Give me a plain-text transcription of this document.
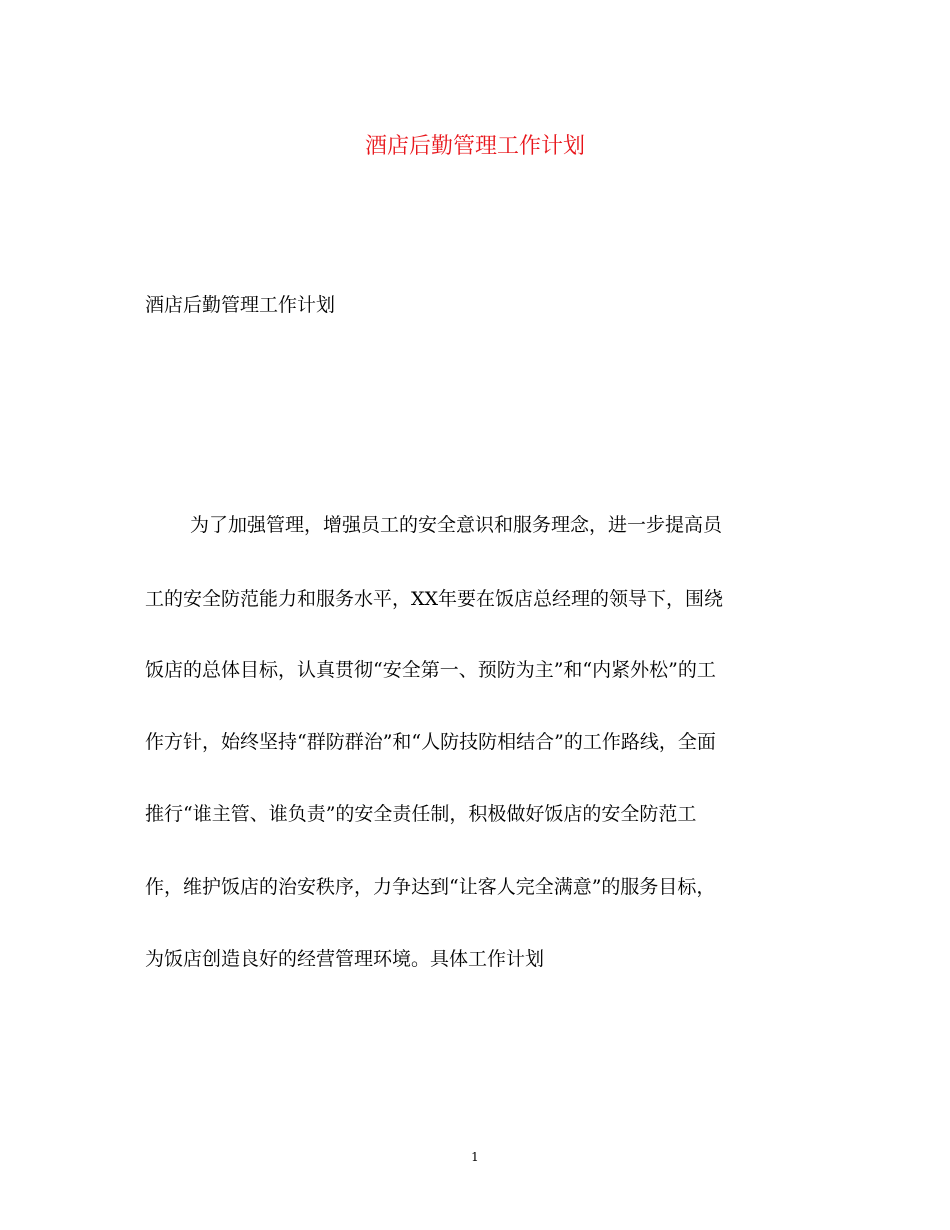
酒店后勤管理工作计划
酒店后勤管理工作计划
为了加强管理，增强员工的安全意识和服务理念，进一步提高员
工的安全防范能力和服务水平，XX年要在饭店总经理的领导下，围绕
饭店的总体目标，认真贯彻“安全第一、预防为主”和“内紧外松”的工
作方针，始终坚持“群防群治”和“人防技防相结合”的工作路线，全面
推行“谁主管、谁负责”的安全责任制，积极做好饭店的安全防范工
作，维护饭店的治安秩序，力争达到“让客人完全满意”的服务目标，
为饭店创造良好的经营管理环境。具体工作计划
1
